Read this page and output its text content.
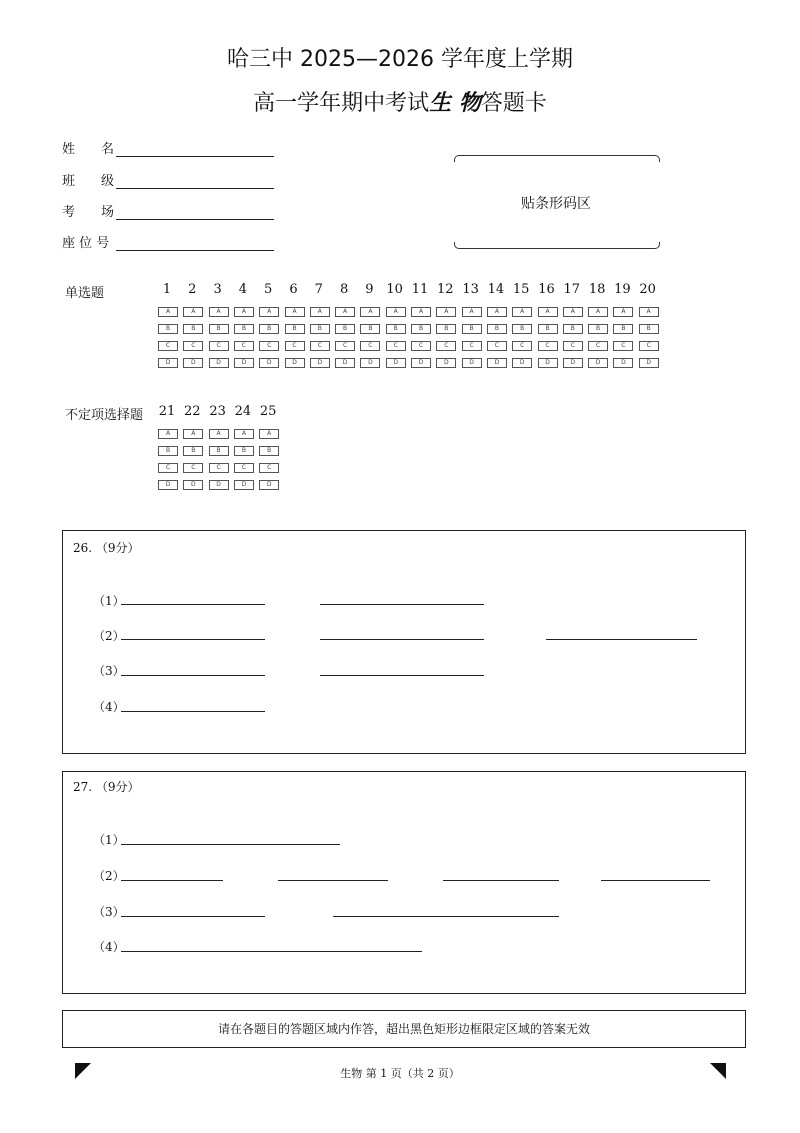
哈三中 2025—2026 学年度上学期
高一学年期中考试生 物答题卡
姓　　名
班　　级
考　　场
座 位 号
贴条形码区
单选题	1
A
B
C
D
2
A
B
C
D
3
A
B
C
D
4
A
B
C
D
5
A
B
C
D
6
A
B
C
D
7
A
B
C
D
8
A
B
C
D
9
A
B
C
D
10
A
B
C
D
11
A
B
C
D
12
A
B
C
D
13
A
B
C
D
14
A
B
C
D
15
A
B
C
D
16
A
B
C
D
17
A
B
C
D
18
A
B
C
D
19
A
B
C
D
20
A
B
C
D
不定项选择题 21
A
B
C
D
22
A
B
C
D
23
A
B
C
D
24
A
B
C
D
25
A
B
C
D
26. （9分）
（1）
（2）
（3）
（4）
27. （9分）
（1）
（2）
（3）
（4）
请在各题目的答题区域内作答，超出黑色矩形边框限定区域的答案无效
生物 第 1 页（共 2 页）
